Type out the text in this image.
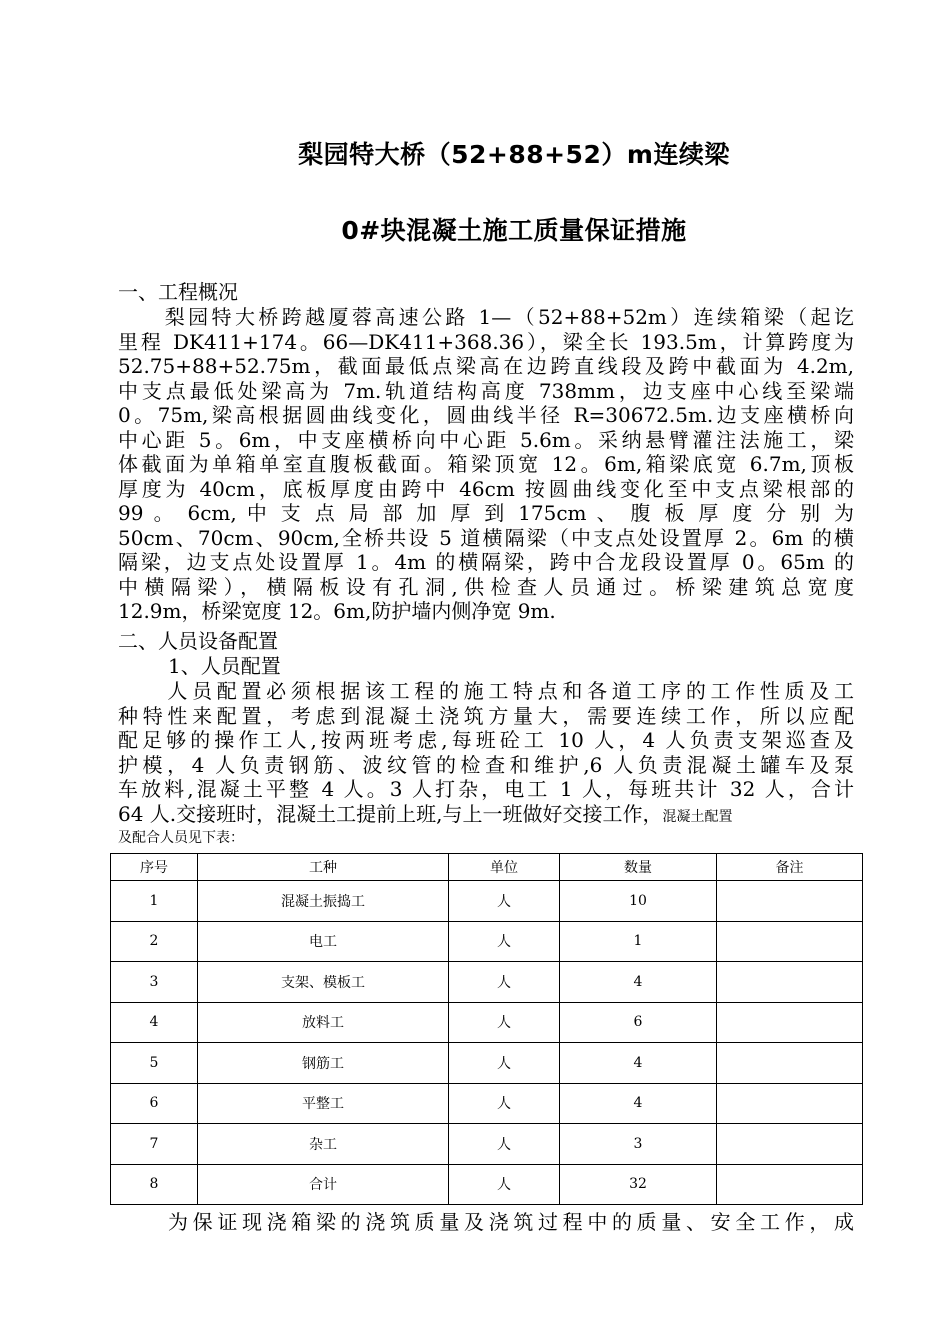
梨园特大桥（52+88+52）m连续梁
0#块混凝土施工质量保证措施
一、工程概况
　　梨园特大桥跨越厦蓉高速公路 1—（52+88+52m）连续箱梁（起讫
里程 DK411+174。66—DK411+368.36），梁全长 193.5m，计算跨度为
52.75+88+52.75m，截面最低点梁高在边跨直线段及跨中截面为 4.2m,
中支点最低处梁高为 7m.轨道结构高度 738mm，边支座中心线至梁端
0。75m,梁高根据圆曲线变化，圆曲线半径 R=30672.5m.边支座横桥向
中心距 5。6m，中支座横桥向中心距 5.6m。采纳悬臂灌注法施工，梁
体截面为单箱单室直腹板截面。箱梁顶宽 12。6m,箱梁底宽 6.7m,顶板
厚度为 40cm，底板厚度由跨中 46cm 按圆曲线变化至中支点梁根部的
99 。 6cm, 中 支 点 局 部 加 厚 到 175cm 、 腹 板 厚 度 分 别 为
50cm、70cm、90cm,全桥共设 5 道横隔梁（中支点处设置厚 2。6m 的横
隔梁，边支点处设置厚 1。4m 的横隔梁，跨中合龙段设置厚 0。65m 的
中横隔梁），横隔板设有孔洞,供检查人员通过。桥梁建筑总宽度
12.9m，桥梁宽度 12。6m,防护墙内侧净宽 9m.
二、人员设备配置
1、人员配置
　　人员配置必须根据该工程的施工特点和各道工序的工作性质及工
种特性来配置，考虑到混凝土浇筑方量大，需要连续工作，所以应配
配足够的操作工人,按两班考虑,每班砼工 10 人，4 人负责支架巡查及
护模，4 人负责钢筋、波纹管的检查和维护,6 人负责混凝土罐车及泵
车放料,混凝土平整 4 人。3 人打杂，电工 1 人，每班共计 32 人，合计
64 人.交接班时，混凝土工提前上班,与上一班做好交接工作，混凝土配置
及配合人员见下表：
序号	工种	单位	数量	备注
1	混凝土振捣工	人	10	
2	电工	人	1	
3	支架、模板工	人	4	
4	放料工	人	6	
5	钢筋工	人	4	
6	平整工	人	4	
7	杂工	人	3	
8	合计	人	32	
为保证现浇箱梁的浇筑质量及浇筑过程中的质量、安全工作，成
